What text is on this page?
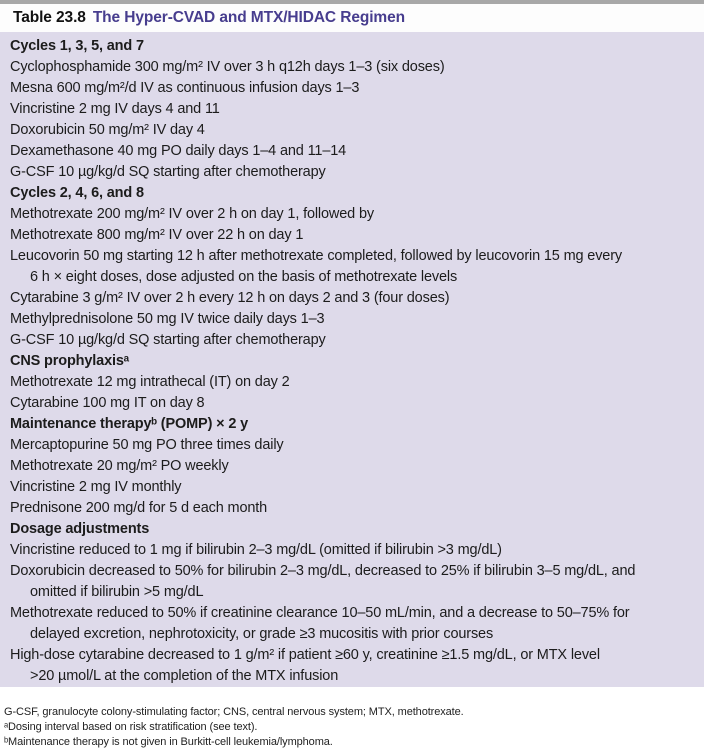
Table 23.8 The Hyper-CVAD and MTX/HIDAC Regimen
Cycles 1, 3, 5, and 7
Cyclophosphamide 300 mg/m² IV over 3 h q12h days 1–3 (six doses)
Mesna 600 mg/m²/d IV as continuous infusion days 1–3
Vincristine 2 mg IV days 4 and 11
Doxorubicin 50 mg/m² IV day 4
Dexamethasone 40 mg PO daily days 1–4 and 11–14
G-CSF 10 µg/kg/d SQ starting after chemotherapy
Cycles 2, 4, 6, and 8
Methotrexate 200 mg/m² IV over 2 h on day 1, followed by
Methotrexate 800 mg/m² IV over 22 h on day 1
Leucovorin 50 mg starting 12 h after methotrexate completed, followed by leucovorin 15 mg every
6 h × eight doses, dose adjusted on the basis of methotrexate levels
Cytarabine 3 g/m² IV over 2 h every 12 h on days 2 and 3 (four doses)
Methylprednisolone 50 mg IV twice daily days 1–3
G-CSF 10 µg/kg/d SQ starting after chemotherapy
CNS prophylaxisᵃ
Methotrexate 12 mg intrathecal (IT) on day 2
Cytarabine 100 mg IT on day 8
Maintenance therapyᵇ (POMP) × 2 y
Mercaptopurine 50 mg PO three times daily
Methotrexate 20 mg/m² PO weekly
Vincristine 2 mg IV monthly
Prednisone 200 mg/d for 5 d each month
Dosage adjustments
Vincristine reduced to 1 mg if bilirubin 2–3 mg/dL (omitted if bilirubin >3 mg/dL)
Doxorubicin decreased to 50% for bilirubin 2–3 mg/dL, decreased to 25% if bilirubin 3–5 mg/dL, and
omitted if bilirubin >5 mg/dL
Methotrexate reduced to 50% if creatinine clearance 10–50 mL/min, and a decrease to 50–75% for
delayed excretion, nephrotoxicity, or grade ≥3 mucositis with prior courses
High-dose cytarabine decreased to 1 g/m² if patient ≥60 y, creatinine ≥1.5 mg/dL, or MTX level
>20 µmol/L at the completion of the MTX infusion
G-CSF, granulocyte colony-stimulating factor; CNS, central nervous system; MTX, methotrexate.
ᵃDosing interval based on risk stratification (see text).
ᵇMaintenance therapy is not given in Burkitt-cell leukemia/lymphoma.
